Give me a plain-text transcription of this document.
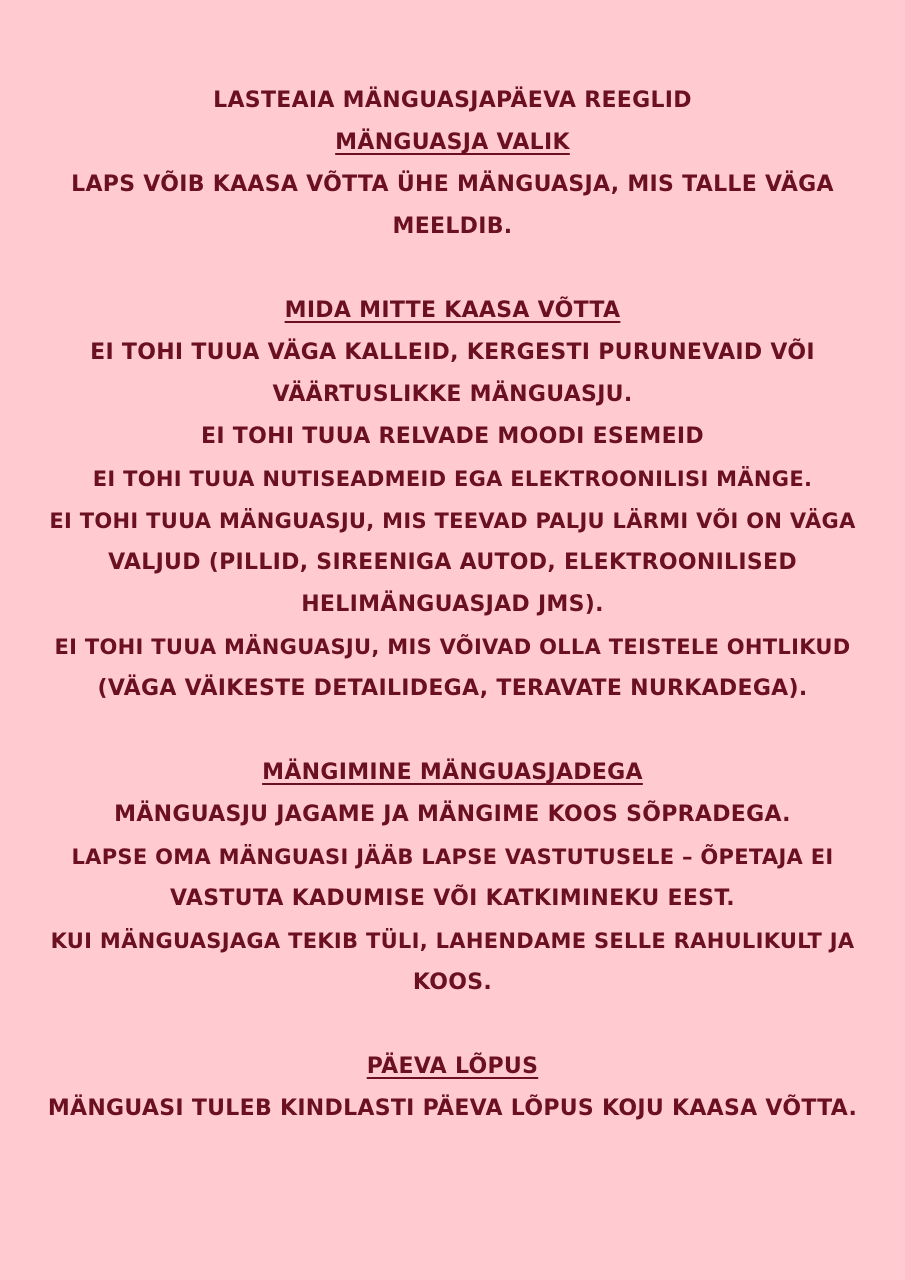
LASTEAIA MÄNGUASJAPÄEVA REEGLID
MÄNGUASJA VALIK
LAPS VÕIB KAASA VÕTTA ÜHE MÄNGUASJA, MIS TALLE VÄGA
MEELDIB.
MIDA MITTE KAASA VÕTTA
EI TOHI TUUA VÄGA KALLEID, KERGESTI PURUNEVAID VÕI
VÄÄRTUSLIKKE MÄNGUASJU.
EI TOHI TUUA RELVADE MOODI ESEMEID
EI TOHI TUUA NUTISEADMEID EGA ELEKTROONILISI MÄNGE.
EI TOHI TUUA MÄNGUASJU, MIS TEEVAD PALJU LÄRMI VÕI ON VÄGA
VALJUD (PILLID, SIREENIGA AUTOD, ELEKTROONILISED
HELIMÄNGUASJAD JMS).
EI TOHI TUUA MÄNGUASJU, MIS VÕIVAD OLLA TEISTELE OHTLIKUD
(VÄGA VÄIKESTE DETAILIDEGA, TERAVATE NURKADEGA).
MÄNGIMINE MÄNGUASJADEGA
MÄNGUASJU JAGAME JA MÄNGIME KOOS SÕPRADEGA.
LAPSE OMA MÄNGUASI JÄÄB LAPSE VASTUTUSELE – ÕPETAJA EI
VASTUTA KADUMISE VÕI KATKIMINEKU EEST.
KUI MÄNGUASJAGA TEKIB TÜLI, LAHENDAME SELLE RAHULIKULT JA
KOOS.
PÄEVA LÕPUS
MÄNGUASI TULEB KINDLASTI PÄEVA LÕPUS KOJU KAASA VÕTTA.
